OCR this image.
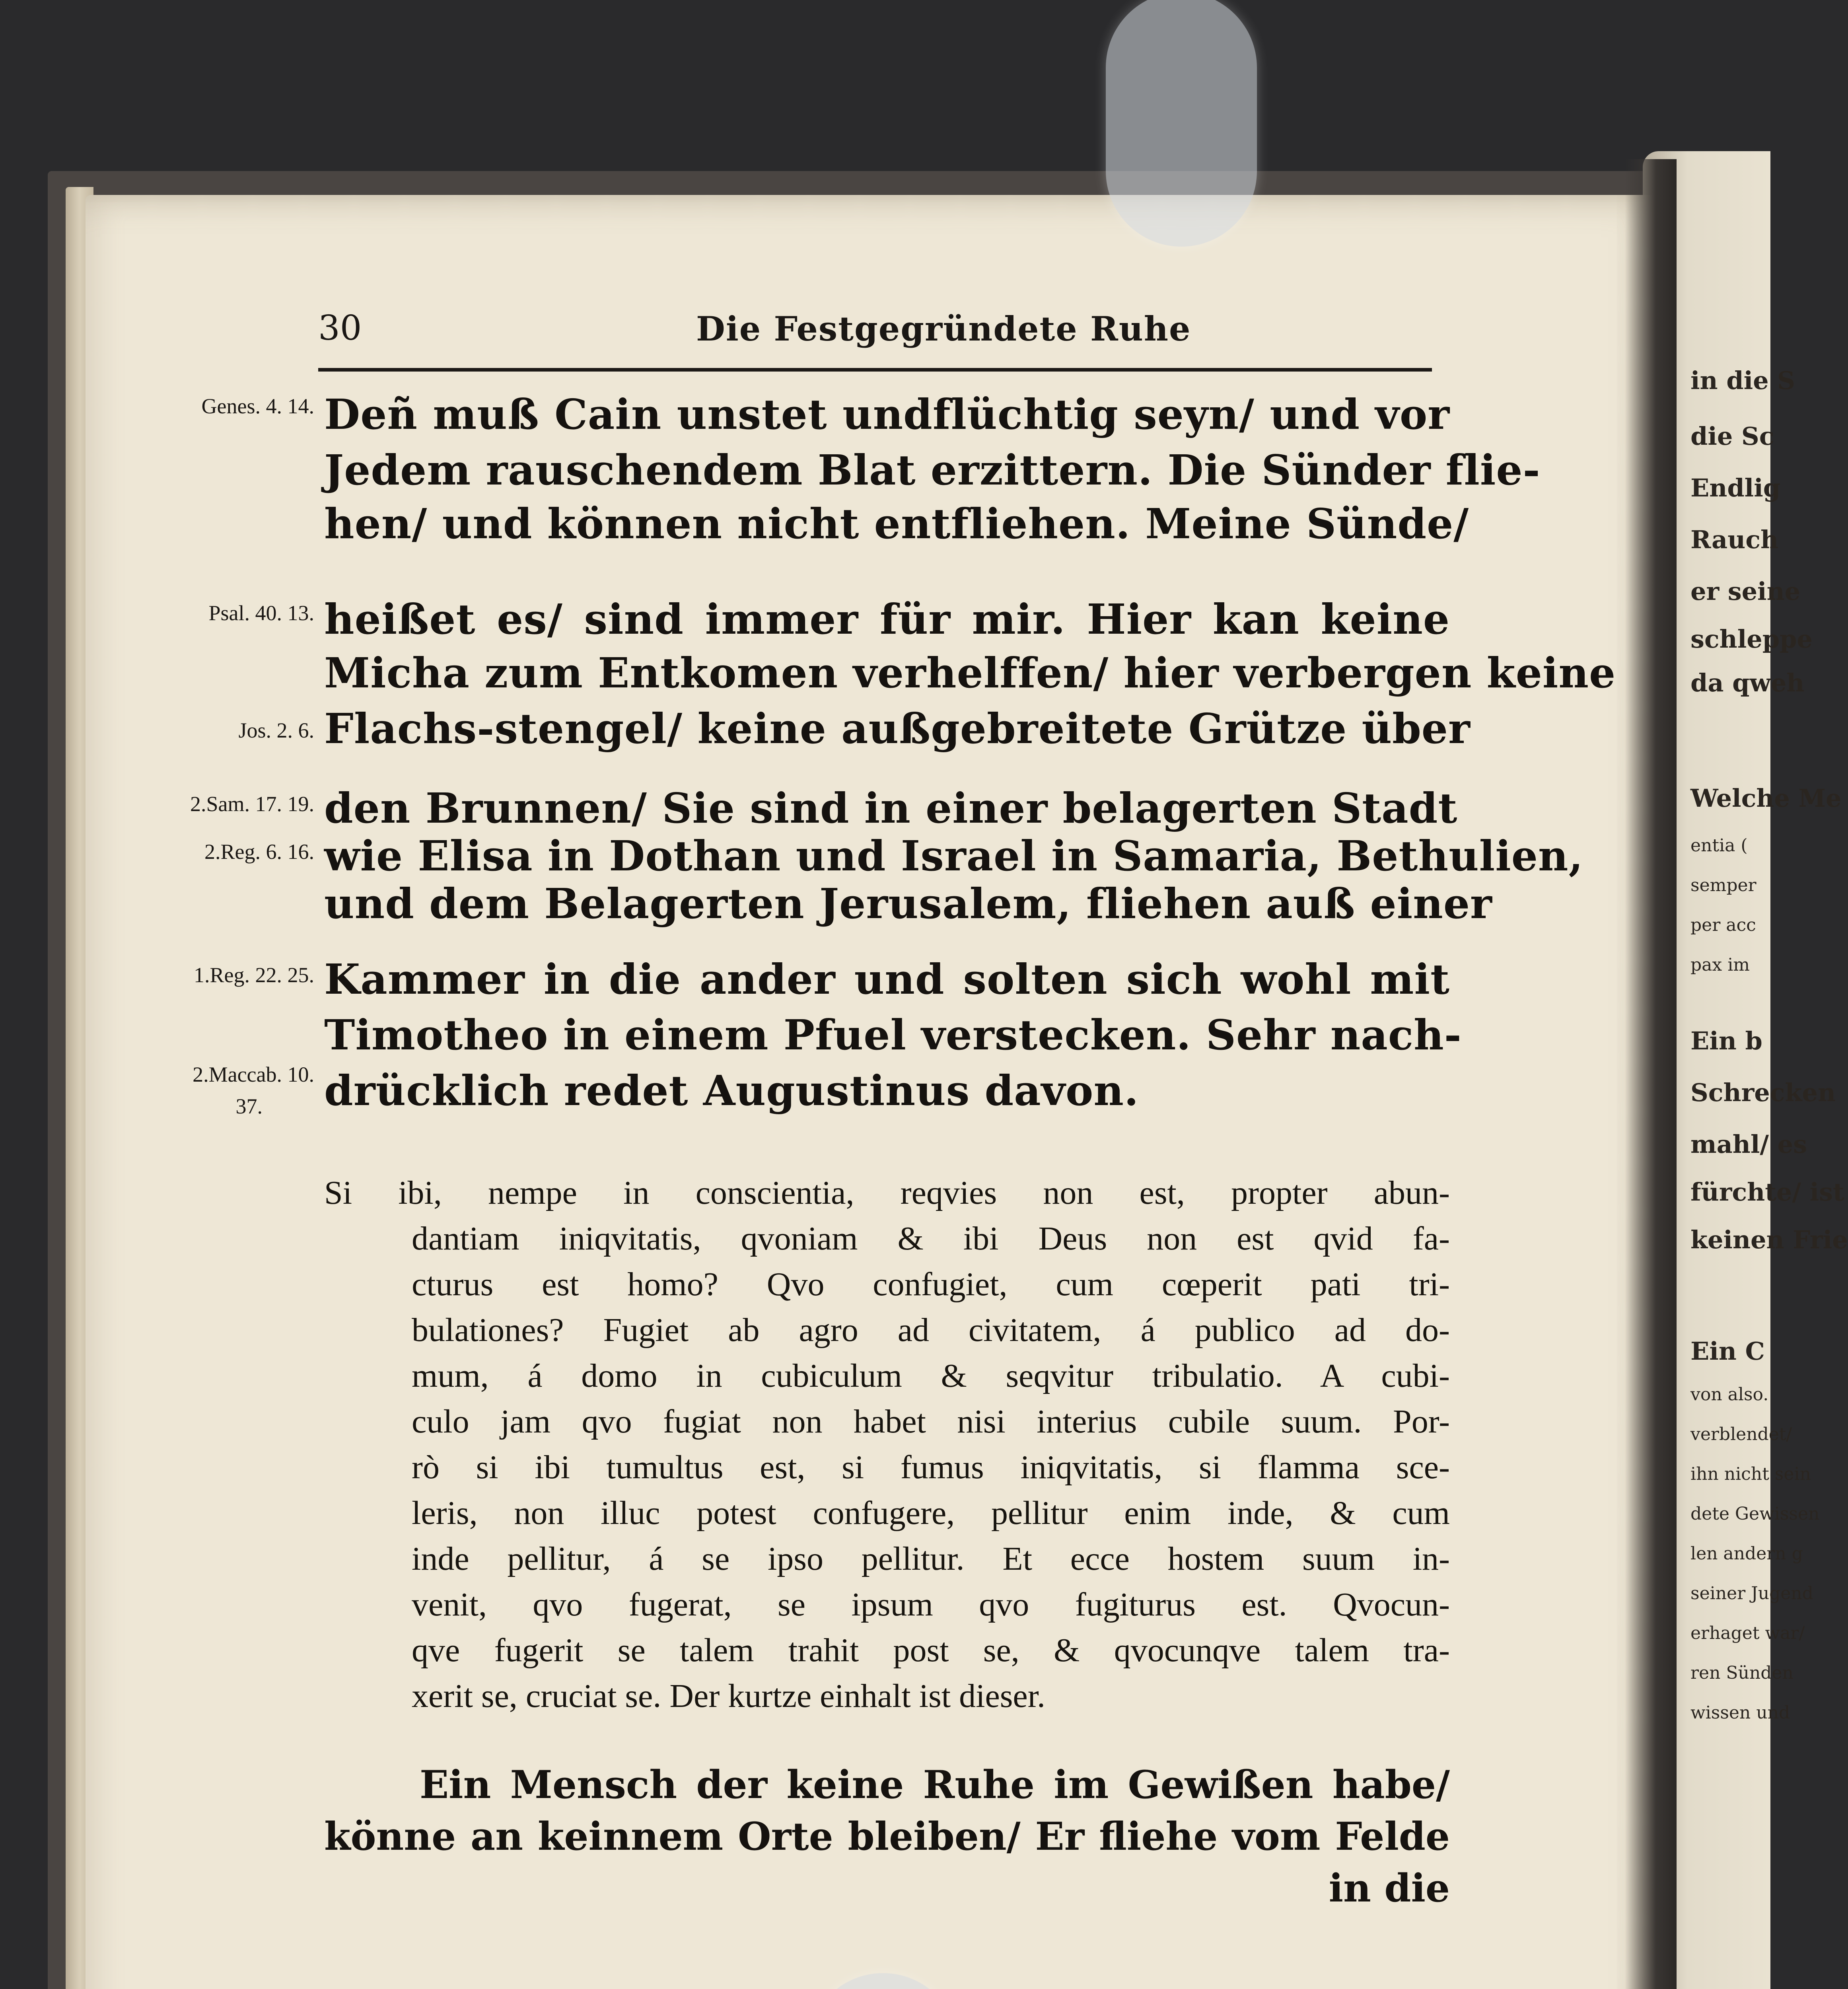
30	Die Festgegründete Ruhe
Genes. 4. 14.
Psal. 40. 13.
Jos. 2. 6.
2.Sam. 17. 19.
2.Reg. 6. 16.
1.Reg. 22. 25.
2.Maccab. 10.
37.
Deñ muß Cain unstet undflüchtig seyn/ und vor
Jedem rauschendem Blat erzittern. Die Sünder flie-
hen/ und können nicht entfliehen. Meine Sünde/
heißet es/ sind immer für mir. Hier kan keine
Micha zum Entkomen verhelffen/ hier verbergen keine
Flachs-stengel/ keine außgebreitete Grütze über
den Brunnen/ Sie sind in einer belagerten Stadt
wie Elisa in Dothan und Israel in Samaria, Bethulien,
und dem Belagerten Jerusalem, fliehen auß einer
Kammer in die ander und solten sich wohl mit
Timotheo in einem Pfuel verstecken. Sehr nach-
drücklich redet Augustinus davon.
Si ibi, nempe in conscientia, reqvies non est, propter abun-
dantiam iniqvitatis, qvoniam & ibi Deus non est qvid fa-
cturus est homo? Qvo confugiet, cum cœperit pati tri-
bulationes? Fugiet ab agro ad civitatem, á publico ad do-
mum, á domo in cubiculum & seqvitur tribulatio. A cubi-
culo jam qvo fugiat non habet nisi interius cubile suum. Por-
rò si ibi tumultus est, si fumus iniqvitatis, si flamma sce-
leris, non illuc potest confugere, pellitur enim inde, & cum
inde pellitur, á se ipso pellitur. Et ecce hostem suum in-
venit, qvo fugerat, se ipsum qvo fugiturus est. Qvocun-
qve fugerit se talem trahit post se, & qvocunqve talem tra-
xerit se, cruciat se. Der kurtze einhalt ist dieser.
Ein Mensch der keine Ruhe im Gewißen habe/
könne an keinnem Orte bleiben/ Er fliehe vom Felde
in die
in die S
die Sc
Endlig
Rauch
er seine
schleppe
da qweh
Welche Me
entia (
semper
per acc
pax im
Ein b
Schrecken
mahl/ es
fürchte/ ist
keinen Frie
Ein C
von also.
verblendet/
ihn nicht sein
dete Gewissen
len andern g
seiner Jugend
erhaget war/
ren Sünden
wissen und
